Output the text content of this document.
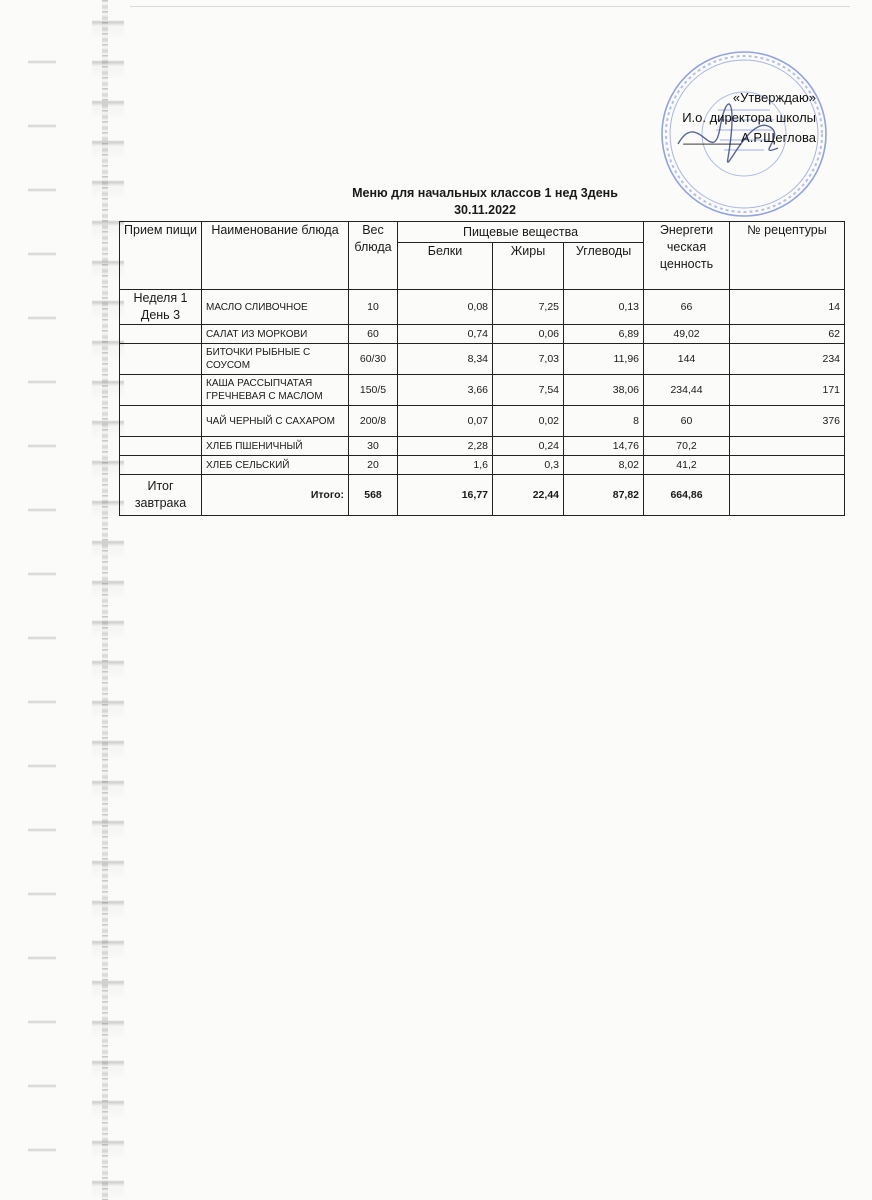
«Утверждаю»
И.о. директора школы
________А.Р.Щеглова
Меню для начальных классов 1 нед 3день
30.11.2022
Прием пищи	Наименование блюда	Вес блюда	Пищевые вещества			Энергети ческая ценность	№ рецептуры
			Белки	Жиры	Углеводы		
Неделя 1 День 3	МАСЛО СЛИВОЧНОЕ	10	0,08	7,25	0,13	66	14
	САЛАТ ИЗ МОРКОВИ	60	0,74	0,06	6,89	49,02	62
	БИТОЧКИ РЫБНЫЕ С СОУСОМ	60/30	8,34	7,03	11,96	144	234
	КАША РАССЫПЧАТАЯ ГРЕЧНЕВАЯ С МАСЛОМ	150/5	3,66	7,54	38,06	234,44	171
	ЧАЙ ЧЕРНЫЙ С САХАРОМ	200/8	0,07	0,02	8	60	376
	ХЛЕБ ПШЕНИЧНЫЙ	30	2,28	0,24	14,76	70,2	
	ХЛЕБ СЕЛЬСКИЙ	20	1,6	0,3	8,02	41,2	
Итог завтрака	Итого:	568	16,77	22,44	87,82	664,86	
